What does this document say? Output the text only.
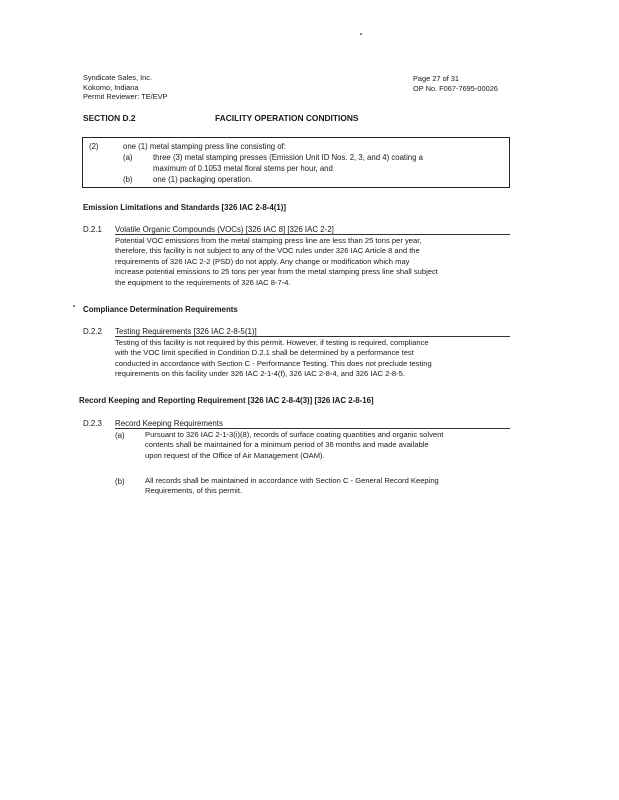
Syndicate Sales, Inc.
Kokomo, Indiana
Permit Reviewer: TE/EVP
Page 27 of 31
OP No. F067-7695-00026
SECTION D.2	FACILITY OPERATION CONDITIONS
(2)	one (1) metal stamping press line consisting of:
(a)	three (3) metal stamping presses (Emission Unit ID Nos. 2, 3, and 4) coating a
maximum of 0.1053 metal floral stems per hour, and
(b)	one (1) packaging operation.
Emission Limitations and Standards [326 IAC 2-8-4(1)]
D.2.1 Volatile Organic Compounds (VOCs) [326 IAC 8] [326 IAC 2-2]
Potential VOC emissions from the metal stamping press line are less than 25 tons per year,
therefore, this facility is not subject to any of the VOC rules under 326 IAC Article 8 and the
requirements of 326 IAC 2-2 (PSD) do not apply. Any change or modification which may
increase potential emissions to 25 tons per year from the metal stamping press line shall subject
the equipment to the requirements of 326 IAC 8-7-4.
Compliance Determination Requirements
D.2.2 Testing Requirements [326 IAC 2-8-5(1)]
Testing of this facility is not required by this permit. However, if testing is required, compliance
with the VOC limit specified in Condition D.2.1 shall be determined by a performance test
conducted in accordance with Section C - Performance Testing. This does not preclude testing
requirements on this facility under 326 IAC 2-1-4(f), 326 IAC 2-8-4, and 326 IAC 2-8-5.
Record Keeping and Reporting Requirement [326 IAC 2-8-4(3)] [326 IAC 2-8-16]
D.2.3 Record Keeping Requirements
(a)	Pursuant to 326 IAC 2-1-3(i)(8), records of surface coating quantities and organic solvent
contents shall be maintained for a minimum period of 36 months and made available
upon request of the Office of Air Management (OAM).
(b)	All records shall be maintained in accordance with Section C - General Record Keeping
Requirements, of this permit.
